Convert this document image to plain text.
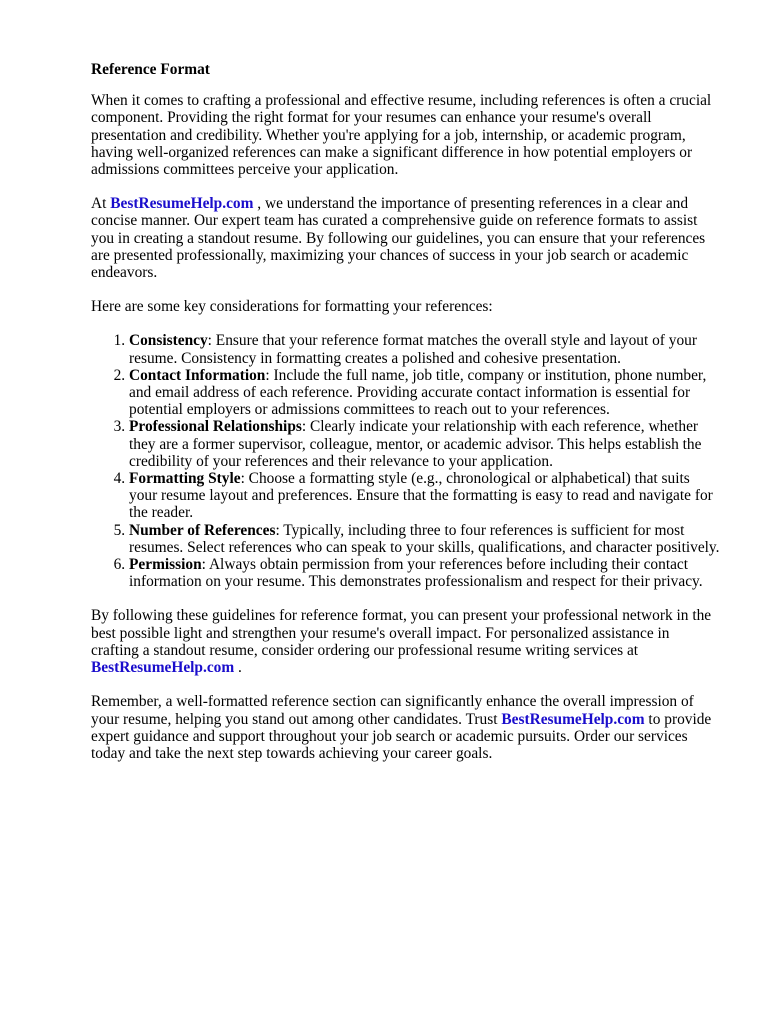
Reference Format

When it comes to crafting a professional and effective resume, including references is often a crucial component. Providing the right format for your resumes can enhance your resume's overall presentation and credibility. Whether you're applying for a job, internship, or academic program, having well-organized references can make a significant difference in how potential employers or admissions committees perceive your application.

At BestResumeHelp.com , we understand the importance of presenting references in a clear and concise manner. Our expert team has curated a comprehensive guide on reference formats to assist you in creating a standout resume. By following our guidelines, you can ensure that your references are presented professionally, maximizing your chances of success in your job search or academic endeavors.

Here are some key considerations for formatting your references:

1. Consistency: Ensure that your reference format matches the overall style and layout of your resume. Consistency in formatting creates a polished and cohesive presentation.
2. Contact Information: Include the full name, job title, company or institution, phone number, and email address of each reference. Providing accurate contact information is essential for potential employers or admissions committees to reach out to your references.
3. Professional Relationships: Clearly indicate your relationship with each reference, whether they are a former supervisor, colleague, mentor, or academic advisor. This helps establish the credibility of your references and their relevance to your application.
4. Formatting Style: Choose a formatting style (e.g., chronological or alphabetical) that suits your resume layout and preferences. Ensure that the formatting is easy to read and navigate for the reader.
5. Number of References: Typically, including three to four references is sufficient for most resumes. Select references who can speak to your skills, qualifications, and character positively.
6. Permission: Always obtain permission from your references before including their contact information on your resume. This demonstrates professionalism and respect for their privacy.

By following these guidelines for reference format, you can present your professional network in the best possible light and strengthen your resume's overall impact. For personalized assistance in crafting a standout resume, consider ordering our professional resume writing services at BestResumeHelp.com .

Remember, a well-formatted reference section can significantly enhance the overall impression of your resume, helping you stand out among other candidates. Trust BestResumeHelp.com to provide expert guidance and support throughout your job search or academic pursuits. Order our services today and take the next step towards achieving your career goals.
